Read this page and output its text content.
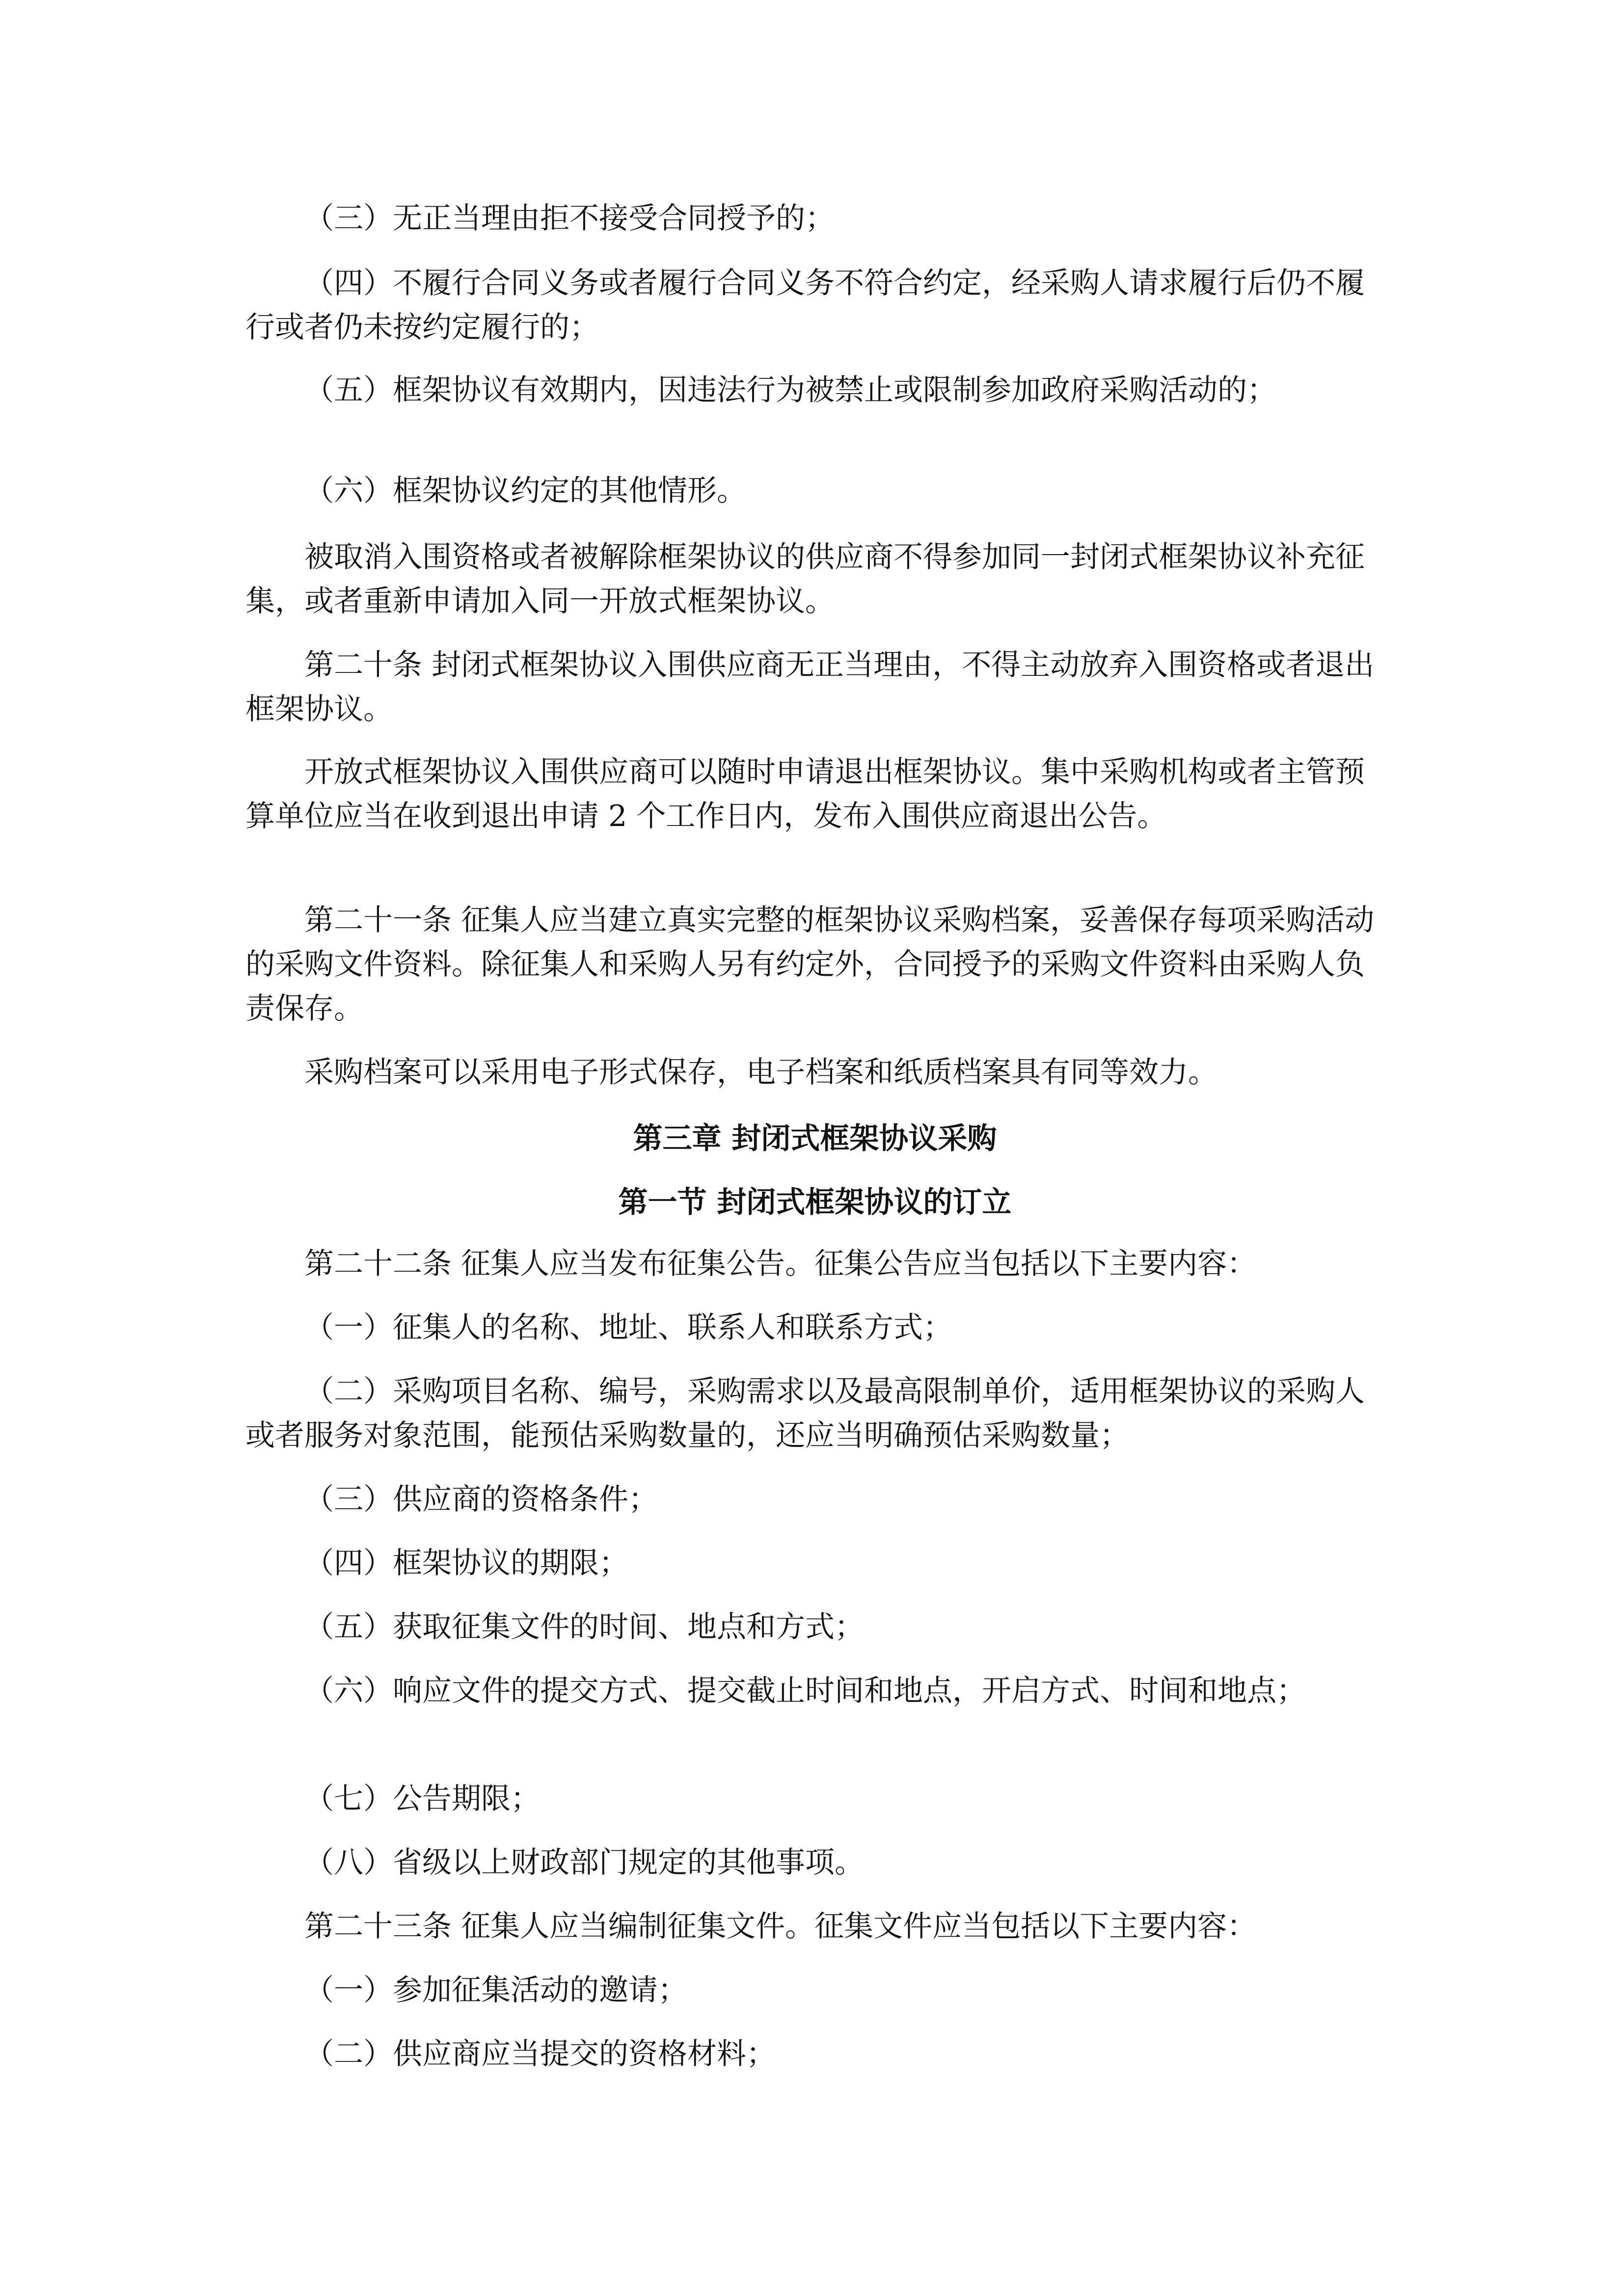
（三）无正当理由拒不接受合同授予的；

（四）不履行合同义务或者履行合同义务不符合约定，经采购人请求履行后仍不履行或者仍未按约定履行的；

（五）框架协议有效期内，因违法行为被禁止或限制参加政府采购活动的；

（六）框架协议约定的其他情形。

被取消入围资格或者被解除框架协议的供应商不得参加同一封闭式框架协议补充征集，或者重新申请加入同一开放式框架协议。

第二十条 封闭式框架协议入围供应商无正当理由，不得主动放弃入围资格或者退出框架协议。

开放式框架协议入围供应商可以随时申请退出框架协议。集中采购机构或者主管预算单位应当在收到退出申请 2 个工作日内，发布入围供应商退出公告。

第二十一条 征集人应当建立真实完整的框架协议采购档案，妥善保存每项采购活动的采购文件资料。除征集人和采购人另有约定外，合同授予的采购文件资料由采购人负责保存。

采购档案可以采用电子形式保存，电子档案和纸质档案具有同等效力。

第三章 封闭式框架协议采购
第一节 封闭式框架协议的订立

第二十二条 征集人应当发布征集公告。征集公告应当包括以下主要内容：

（一）征集人的名称、地址、联系人和联系方式；

（二）采购项目名称、编号，采购需求以及最高限制单价，适用框架协议的采购人或者服务对象范围，能预估采购数量的，还应当明确预估采购数量；

（三）供应商的资格条件；

（四）框架协议的期限；

（五）获取征集文件的时间、地点和方式；

（六）响应文件的提交方式、提交截止时间和地点，开启方式、时间和地点；

（七）公告期限；

（八）省级以上财政部门规定的其他事项。

第二十三条 征集人应当编制征集文件。征集文件应当包括以下主要内容：

（一）参加征集活动的邀请；

（二）供应商应当提交的资格材料；
